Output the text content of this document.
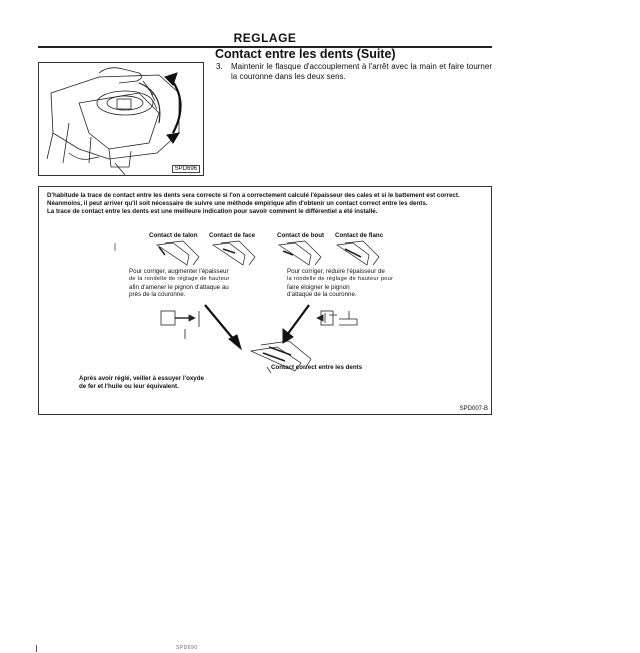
REGLAGE
Contact entre les dents (Suite)
3. Maintenir le flasque d'accouplement à l'arrêt avec la main et faire tourner la couronne dans les deux sens.
SPD696
D'habitude la trace de contact entre les dents sera correcte si l'on a correctement calculé l'épaisseur des cales et si le battement est correct.
Néanmoins, il peut arriver qu'il soit nécessaire de suivre une méthode empirique afin d'obtenir un contact correct entre les dents.
La trace de contact entre les dents est une meilleure indication pour savoir comment le différentiel a été installé.
Contact de talon Contact de face	Contact de bout Contact de flanc
Pour corriger, augmenter l'épaisseur
de la rondelle de réglage de hauteur
afin d'amener le pignon d'attaque au
près de la couronne.
Pour corriger, réduire l'épaisseur de
la rondelle de réglage de hauteur pour
faire éloigner le pignon
d'attaque de la couronne.
Contact correct entre les dents
Après avoir réglé, veiller à essuyer l'oxyde
de fer et l'huile ou leur équivalent.
SPD007-B
SPD690
